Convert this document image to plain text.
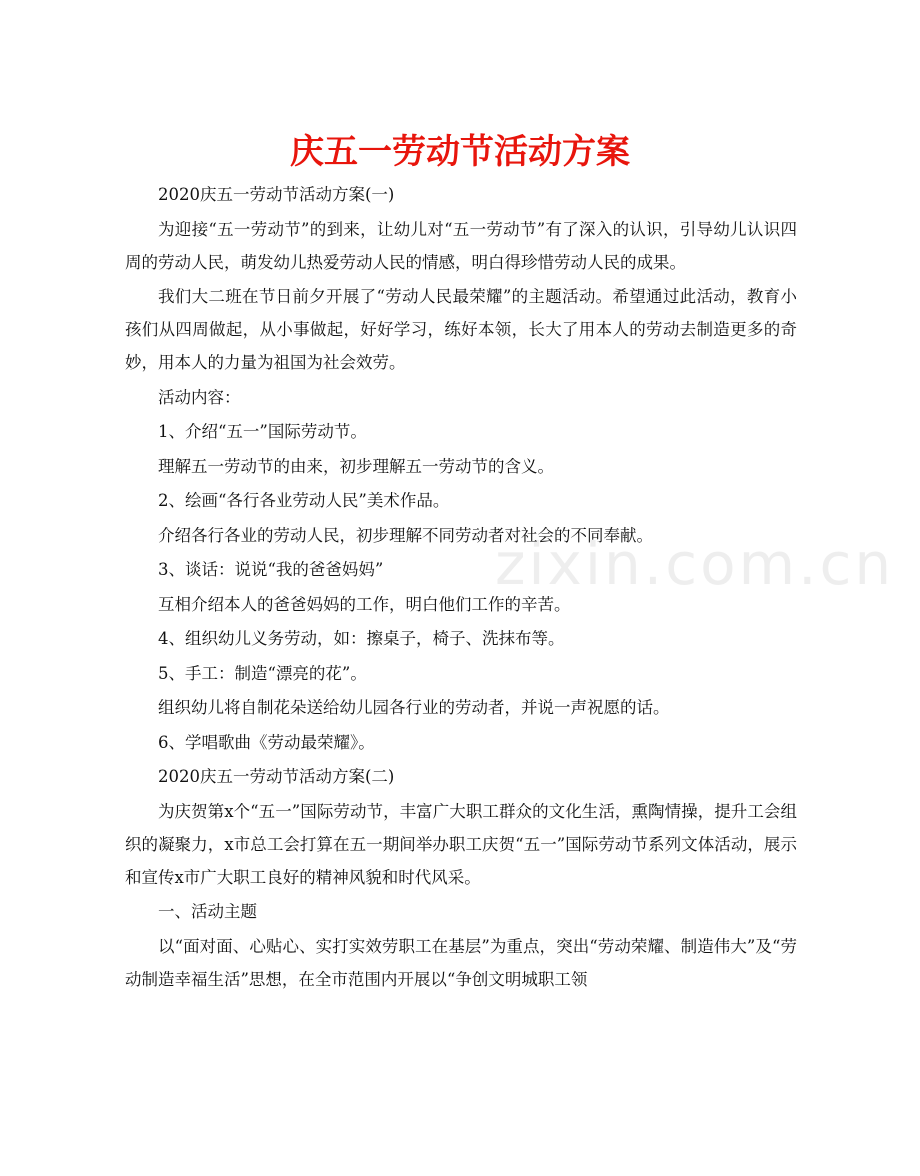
庆五一劳动节活动方案
zixin.com.cn

2020庆五一劳动节活动方案(一)

为迎接“五一劳动节”的到来，让幼儿对“五一劳动节”有了深入的认识，引导幼儿认识四周的劳动人民，萌发幼儿热爱劳动人民的情感，明白得珍惜劳动人民的成果。

我们大二班在节日前夕开展了“劳动人民最荣耀”的主题活动。希望通过此活动，教育小孩们从四周做起，从小事做起，好好学习，练好本领，长大了用本人的劳动去制造更多的奇妙，用本人的力量为祖国为社会效劳。

活动内容：

1、介绍“五一”国际劳动节。

理解五一劳动节的由来，初步理解五一劳动节的含义。

2、绘画“各行各业劳动人民”美术作品。

介绍各行各业的劳动人民，初步理解不同劳动者对社会的不同奉献。

3、谈话：说说“我的爸爸妈妈”

互相介绍本人的爸爸妈妈的工作，明白他们工作的辛苦。

4、组织幼儿义务劳动，如：擦桌子，椅子、洗抹布等。

5、手工：制造“漂亮的花”。

组织幼儿将自制花朵送给幼儿园各行业的劳动者，并说一声祝愿的话。

6、学唱歌曲《劳动最荣耀》。

2020庆五一劳动节活动方案(二)

为庆贺第x个“五一”国际劳动节，丰富广大职工群众的文化生活，熏陶情操，提升工会组织的凝聚力，x市总工会打算在五一期间举办职工庆贺“五一”国际劳动节系列文体活动，展示和宣传x市广大职工良好的精神风貌和时代风采。

一、活动主题

以“面对面、心贴心、实打实效劳职工在基层”为重点，突出“劳动荣耀、制造伟大”及“劳动制造幸福生活”思想，在全市范围内开展以“争创文明城职工领
